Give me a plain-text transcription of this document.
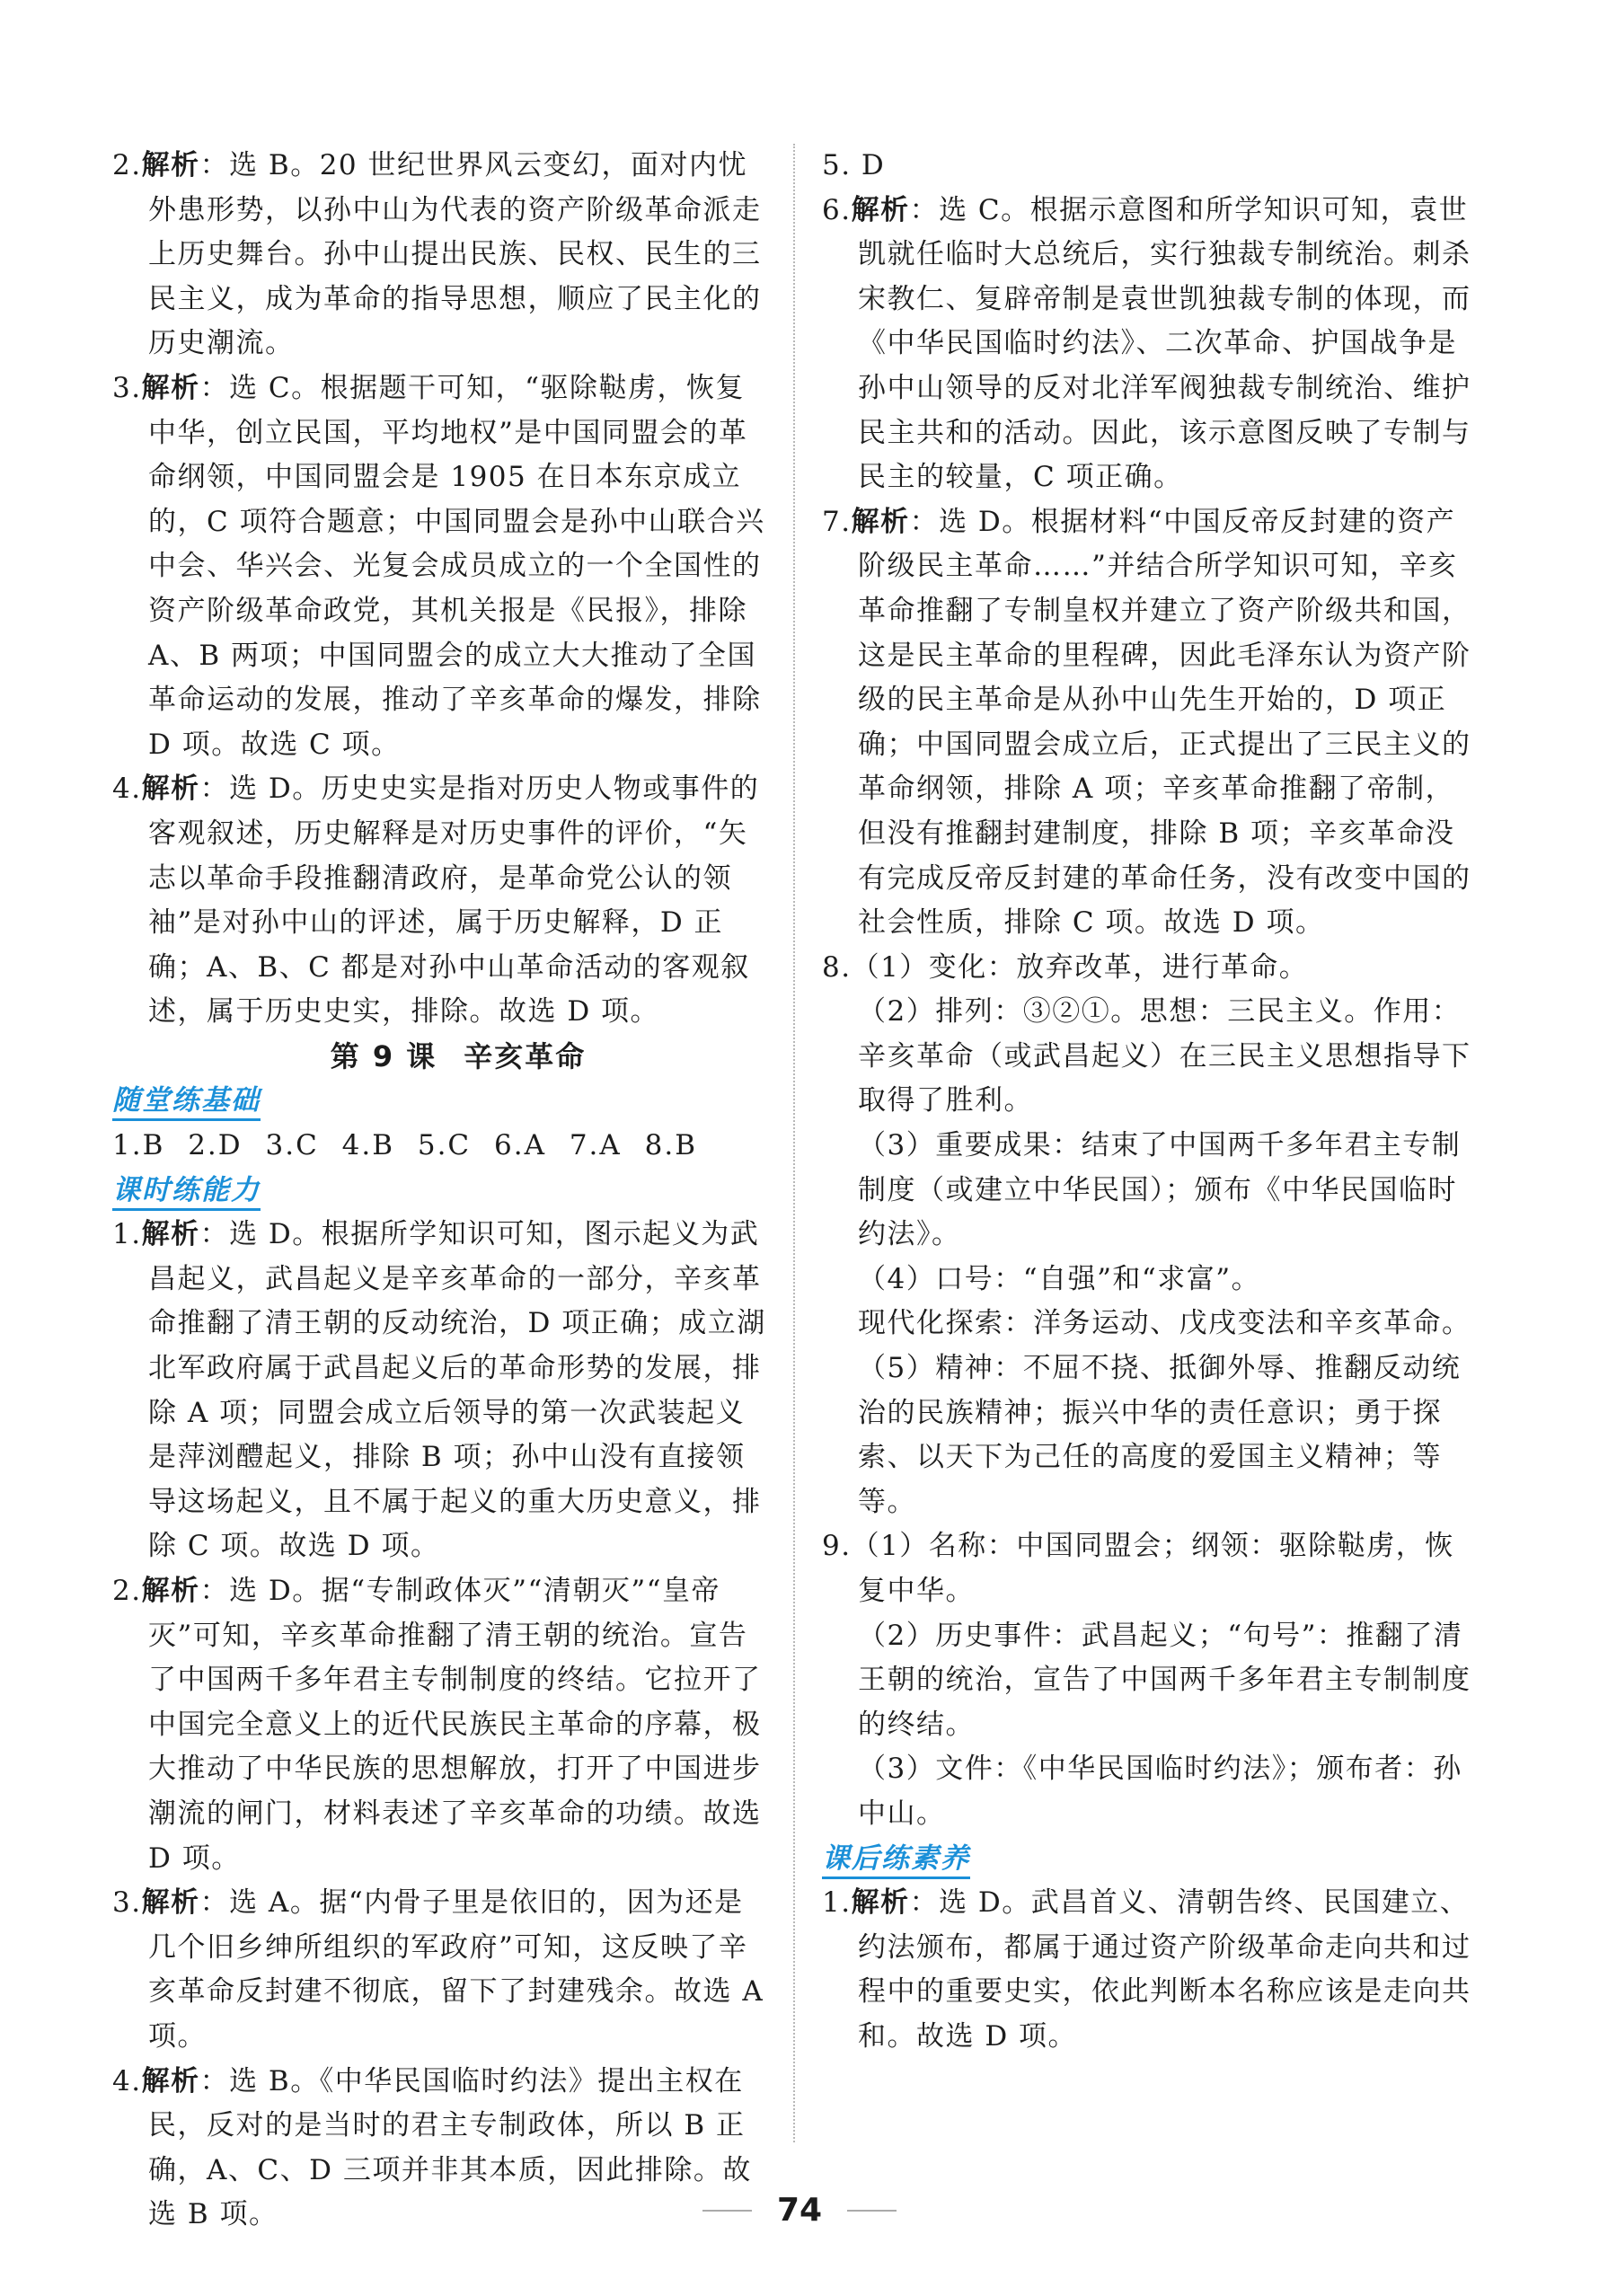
2.解析：选 B。20 世纪世界风云变幻，面对内忧外患形势，以孙中山为代表的资产阶级革命派走上历史舞台。孙中山提出民族、民权、民生的三民主义，成为革命的指导思想，顺应了民主化的历史潮流。
3.解析：选 C。根据题干可知，“驱除鞑虏，恢复中华，创立民国，平均地权”是中国同盟会的革命纲领，中国同盟会是 1905 在日本东京成立的，C 项符合题意；中国同盟会是孙中山联合兴中会、华兴会、光复会成员成立的一个全国性的资产阶级革命政党，其机关报是《民报》，排除 A、B 两项；中国同盟会的成立大大推动了全国革命运动的发展，推动了辛亥革命的爆发，排除 D 项。故选 C 项。
4.解析：选 D。历史史实是指对历史人物或事件的客观叙述，历史解释是对历史事件的评价，“矢志以革命手段推翻清政府，是革命党公认的领袖”是对孙中山的评述，属于历史解释，D 正确；A、B、C 都是对孙中山革命活动的客观叙述，属于历史史实，排除。故选 D 项。
第 9 课 辛亥革命
随堂练基础
1.B 2.D 3.C 4.B 5.C 6.A 7.A 8.B
课时练能力
1.解析：选 D。根据所学知识可知，图示起义为武昌起义，武昌起义是辛亥革命的一部分，辛亥革命推翻了清王朝的反动统治，D 项正确；成立湖北军政府属于武昌起义后的革命形势的发展，排除 A 项；同盟会成立后领导的第一次武装起义是萍浏醴起义，排除 B 项；孙中山没有直接领导这场起义，且不属于起义的重大历史意义，排除 C 项。故选 D 项。
2.解析：选 D。据“专制政体灭”“清朝灭”“皇帝灭”可知，辛亥革命推翻了清王朝的统治。宣告了中国两千多年君主专制制度的终结。它拉开了中国完全意义上的近代民族民主革命的序幕，极大推动了中华民族的思想解放，打开了中国进步潮流的闸门，材料表述了辛亥革命的功绩。故选 D 项。
3.解析：选 A。据“内骨子里是依旧的，因为还是几个旧乡绅所组织的军政府”可知，这反映了辛亥革命反封建不彻底，留下了封建残余。故选 A 项。
4.解析：选 B。《中华民国临时约法》提出主权在民，反对的是当时的君主专制政体，所以 B 正确，A、C、D 三项并非其本质，因此排除。故选 B 项。
5. D
6.解析：选 C。根据示意图和所学知识可知，袁世凯就任临时大总统后，实行独裁专制统治。刺杀宋教仁、复辟帝制是袁世凯独裁专制的体现，而《中华民国临时约法》、二次革命、护国战争是孙中山领导的反对北洋军阀独裁专制统治、维护民主共和的活动。因此，该示意图反映了专制与民主的较量，C 项正确。
7.解析：选 D。根据材料“中国反帝反封建的资产阶级民主革命……”并结合所学知识可知，辛亥革命推翻了专制皇权并建立了资产阶级共和国，这是民主革命的里程碑，因此毛泽东认为资产阶级的民主革命是从孙中山先生开始的，D 项正确；中国同盟会成立后，正式提出了三民主义的革命纲领，排除 A 项；辛亥革命推翻了帝制，但没有推翻封建制度，排除 B 项；辛亥革命没有完成反帝反封建的革命任务，没有改变中国的社会性质，排除 C 项。故选 D 项。
8.（1）变化：放弃改革，进行革命。
（2）排列：③②①。思想：三民主义。作用：辛亥革命（或武昌起义）在三民主义思想指导下取得了胜利。
（3）重要成果：结束了中国两千多年君主专制制度（或建立中华民国）；颁布《中华民国临时约法》。
（4）口号：“自强”和“求富”。
现代化探索：洋务运动、戊戌变法和辛亥革命。
（5）精神：不屈不挠、抵御外辱、推翻反动统治的民族精神；振兴中华的责任意识；勇于探索、以天下为己任的高度的爱国主义精神；等等。
9.（1）名称：中国同盟会；纲领：驱除鞑虏，恢复中华。
（2）历史事件：武昌起义；“句号”：推翻了清王朝的统治，宣告了中国两千多年君主专制制度的终结。
（3）文件：《中华民国临时约法》；颁布者：孙中山。
课后练素养
1.解析：选 D。武昌首义、清朝告终、民国建立、约法颁布，都属于通过资产阶级革命走向共和过程中的重要史实，依此判断本名称应该是走向共和。故选 D 项。
74
